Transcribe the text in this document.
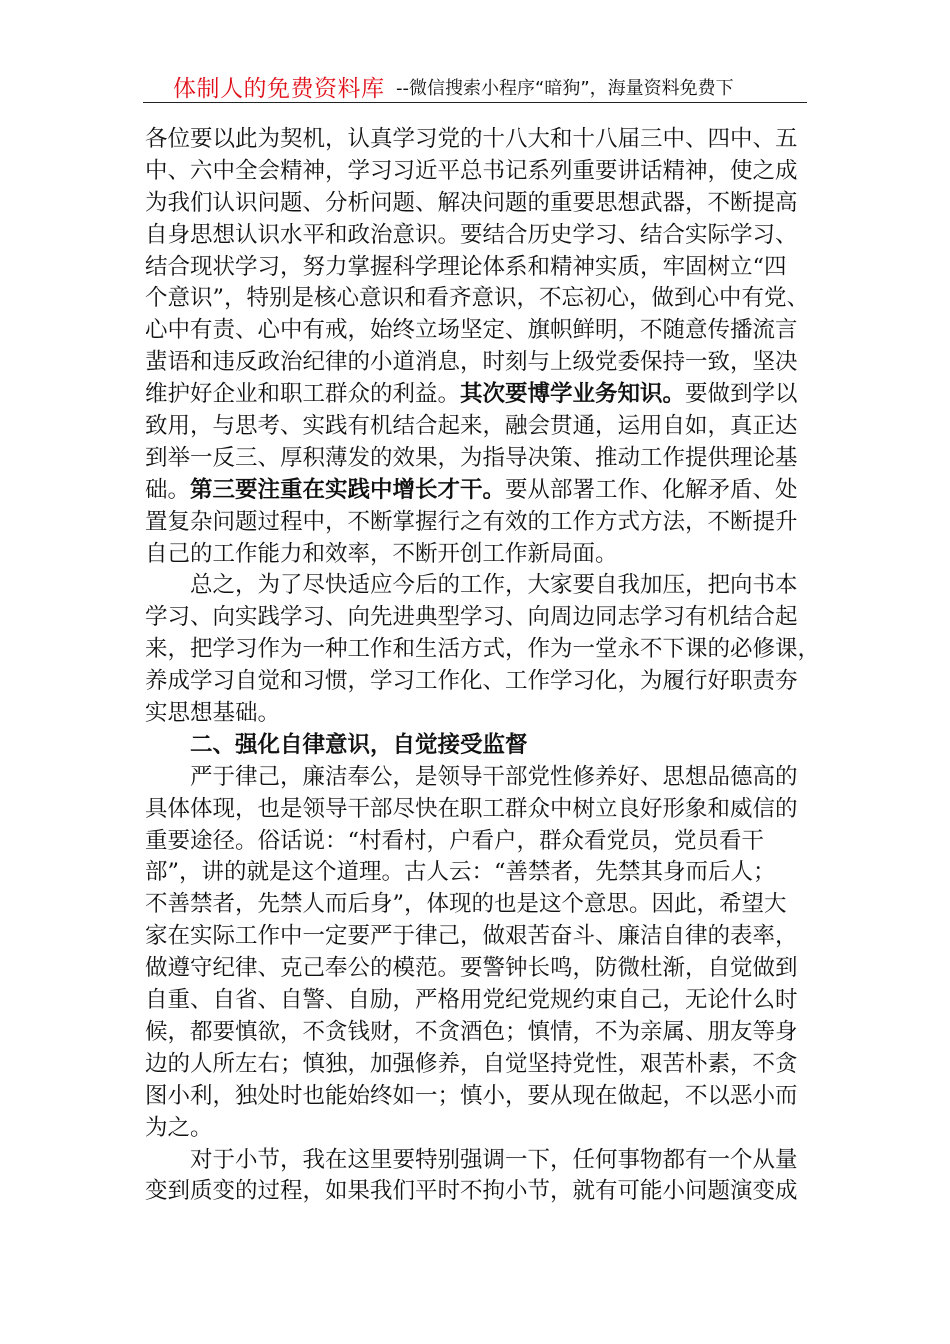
体制人的免费资料库 --微信搜索小程序“暗狗”，海量资料免费下
各位要以此为契机，认真学习党的十八大和十八届三中、四中、五
中、六中全会精神，学习习近平总书记系列重要讲话精神，使之成
为我们认识问题、分析问题、解决问题的重要思想武器，不断提高
自身思想认识水平和政治意识。要结合历史学习、结合实际学习、
结合现状学习，努力掌握科学理论体系和精神实质，牢固树立“四
个意识”，特别是核心意识和看齐意识，不忘初心，做到心中有党、
心中有责、心中有戒，始终立场坚定、旗帜鲜明，不随意传播流言
蜚语和违反政治纪律的小道消息，时刻与上级党委保持一致，坚决
维护好企业和职工群众的利益。其次要博学业务知识。要做到学以
致用，与思考、实践有机结合起来，融会贯通，运用自如，真正达
到举一反三、厚积薄发的效果，为指导决策、推动工作提供理论基
础。第三要注重在实践中增长才干。要从部署工作、化解矛盾、处
置复杂问题过程中，不断掌握行之有效的工作方式方法，不断提升
自己的工作能力和效率，不断开创工作新局面。
总之，为了尽快适应今后的工作，大家要自我加压，把向书本
学习、向实践学习、向先进典型学习、向周边同志学习有机结合起
来，把学习作为一种工作和生活方式，作为一堂永不下课的必修课，
养成学习自觉和习惯，学习工作化、工作学习化，为履行好职责夯
实思想基础。
二、强化自律意识，自觉接受监督
严于律己，廉洁奉公，是领导干部党性修养好、思想品德高的
具体体现，也是领导干部尽快在职工群众中树立良好形象和威信的
重要途径。俗话说：“村看村，户看户，群众看党员，党员看干
部”，讲的就是这个道理。古人云：“善禁者，先禁其身而后人；
不善禁者，先禁人而后身”，体现的也是这个意思。因此，希望大
家在实际工作中一定要严于律己，做艰苦奋斗、廉洁自律的表率，
做遵守纪律、克己奉公的模范。要警钟长鸣，防微杜渐，自觉做到
自重、自省、自警、自励，严格用党纪党规约束自己，无论什么时
候，都要慎欲，不贪钱财，不贪酒色；慎情，不为亲属、朋友等身
边的人所左右；慎独，加强修养，自觉坚持党性，艰苦朴素，不贪
图小利，独处时也能始终如一；慎小，要从现在做起，不以恶小而
为之。
对于小节，我在这里要特别强调一下，任何事物都有一个从量
变到质变的过程，如果我们平时不拘小节，就有可能小问题演变成
